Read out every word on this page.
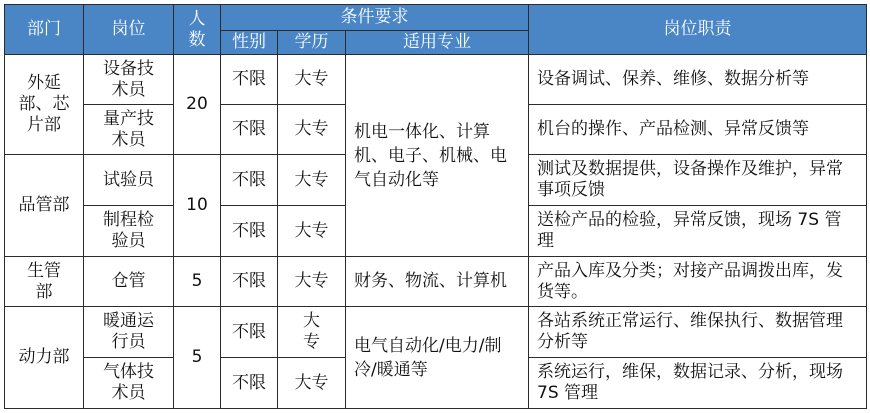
部门	岗位	人数	条件要求			岗位职责
			性别	学历	适用专业	
外延部、芯片部	设备技术员	20	不限	大专	机电一体化、计算机、电子、机械、电气自动化等	设备调试、保养、维修、数据分析等
	量产技术员		不限	大专		机台的操作、产品检测、异常反馈等
品管部	试验员	10	不限	大专		测试及数据提供，设备操作及维护，异常事项反馈
	制程检验员		不限	大专		送检产品的检验，异常反馈，现场 7S 管理
生管部	仓管	5	不限	大专	财务、物流、计算机	产品入库及分类；对接产品调拨出库，发货等。
动力部	暖通运行员	5	不限	大专	电气自动化/电力/制冷/暖通等	各站系统正常运行、维保执行、数据管理分析等
	气体技术员		不限	大专		系统运行，维保，数据记录、分析，现场 7S 管理
